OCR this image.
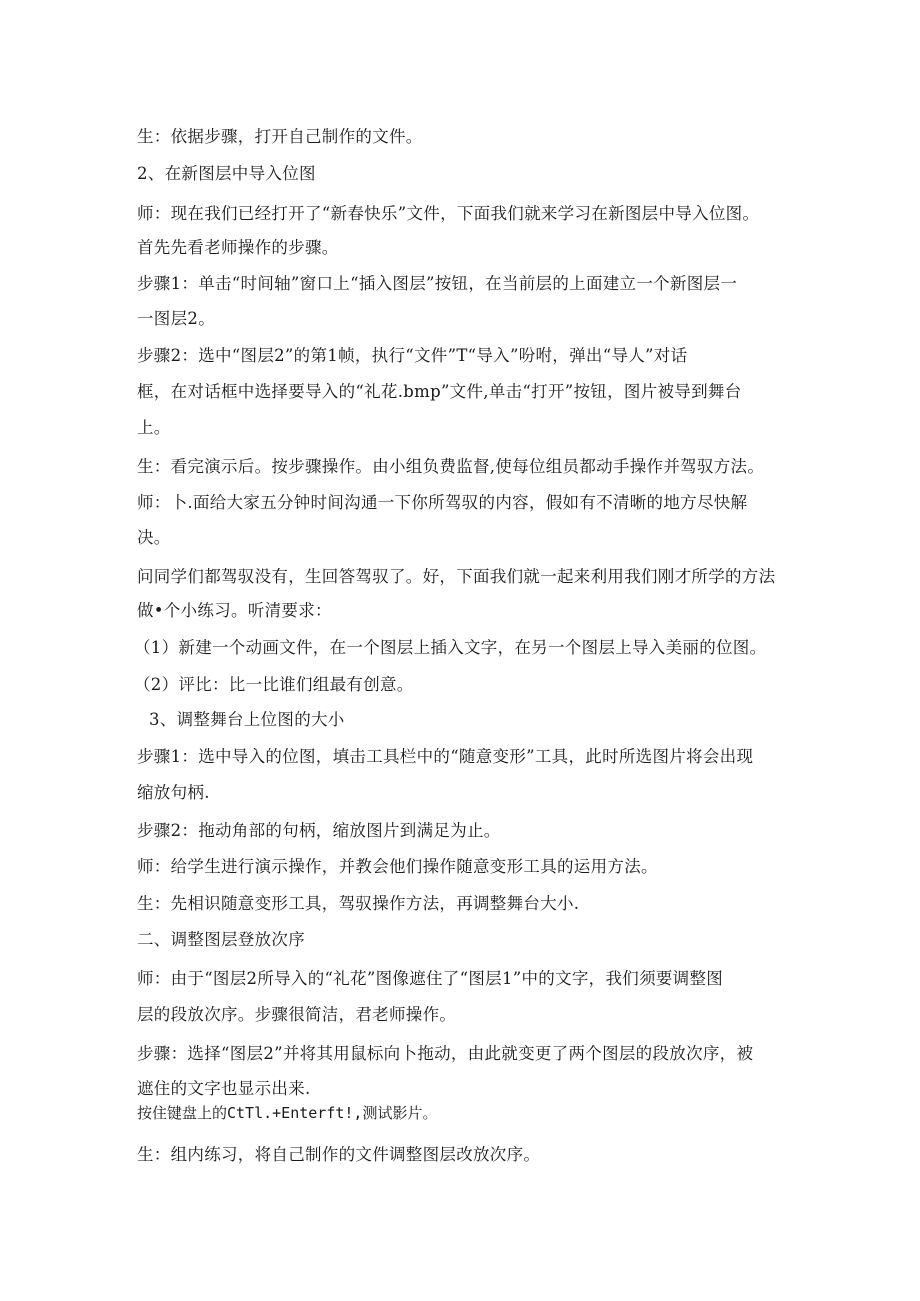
生：依据步骤，打开自己制作的文件。
2、在新图层中导入位图
师：现在我们已经打开了“新春快乐”文件，下面我们就来学习在新图层中导入位图。
首先先看老师操作的步骤。
步骤1：单击“时间轴”窗口上“插入图层”按钮，在当前层的上面建立一个新图层一
一图层2。
步骤2：选中“图层2”的第1帧，执行“文件”T“导入”吩咐，弹出“导人”对话
框，在对话框中选择要导入的“礼花.bmp”文件,单击“打开”按钮，图片被导到舞台
上。
生：看完演示后。按步骤操作。由小组负费监督,使每位组员都动手操作并驾驭方法。
师：卜.面给大家五分钟时间沟通一下你所驾驭的内容，假如有不清晰的地方尽快解
决。
问同学们都驾驭没有，生回答驾驭了。好，下面我们就一起来利用我们刚才所学的方法
做•个小练习。听清要求：
（1）新建一个动画文件，在一个图层上插入文字，在另一个图层上导入美丽的位图。
（2）评比：比一比谁们组最有创意。
3、调整舞台上位图的大小
步骤1：选中导入的位图，填击工具栏中的“随意变形”工具，此时所选图片将会出现
缩放句柄.
步骤2：拖动角部的句柄，缩放图片到满足为止。
师：给学生进行演示操作，并教会他们操作随意变形工具的运用方法。
生：先相识随意变形工具，驾驭操作方法，再调整舞台大小.
二、调整图层登放次序
师：由于“图层2所导入的“礼花”图像遮住了“图层1”中的文字，我们须要调整图
层的段放次序。步骤很简洁，君老师操作。
步骤：选择“图层2”并将其用鼠标向卜拖动，由此就变更了两个图层的段放次序，被
遮住的文字也显示出来.
按住键盘上的CtTl.+Enterft!,测试影片。
生：组内练习，将自己制作的文件调整图层改放次序。
